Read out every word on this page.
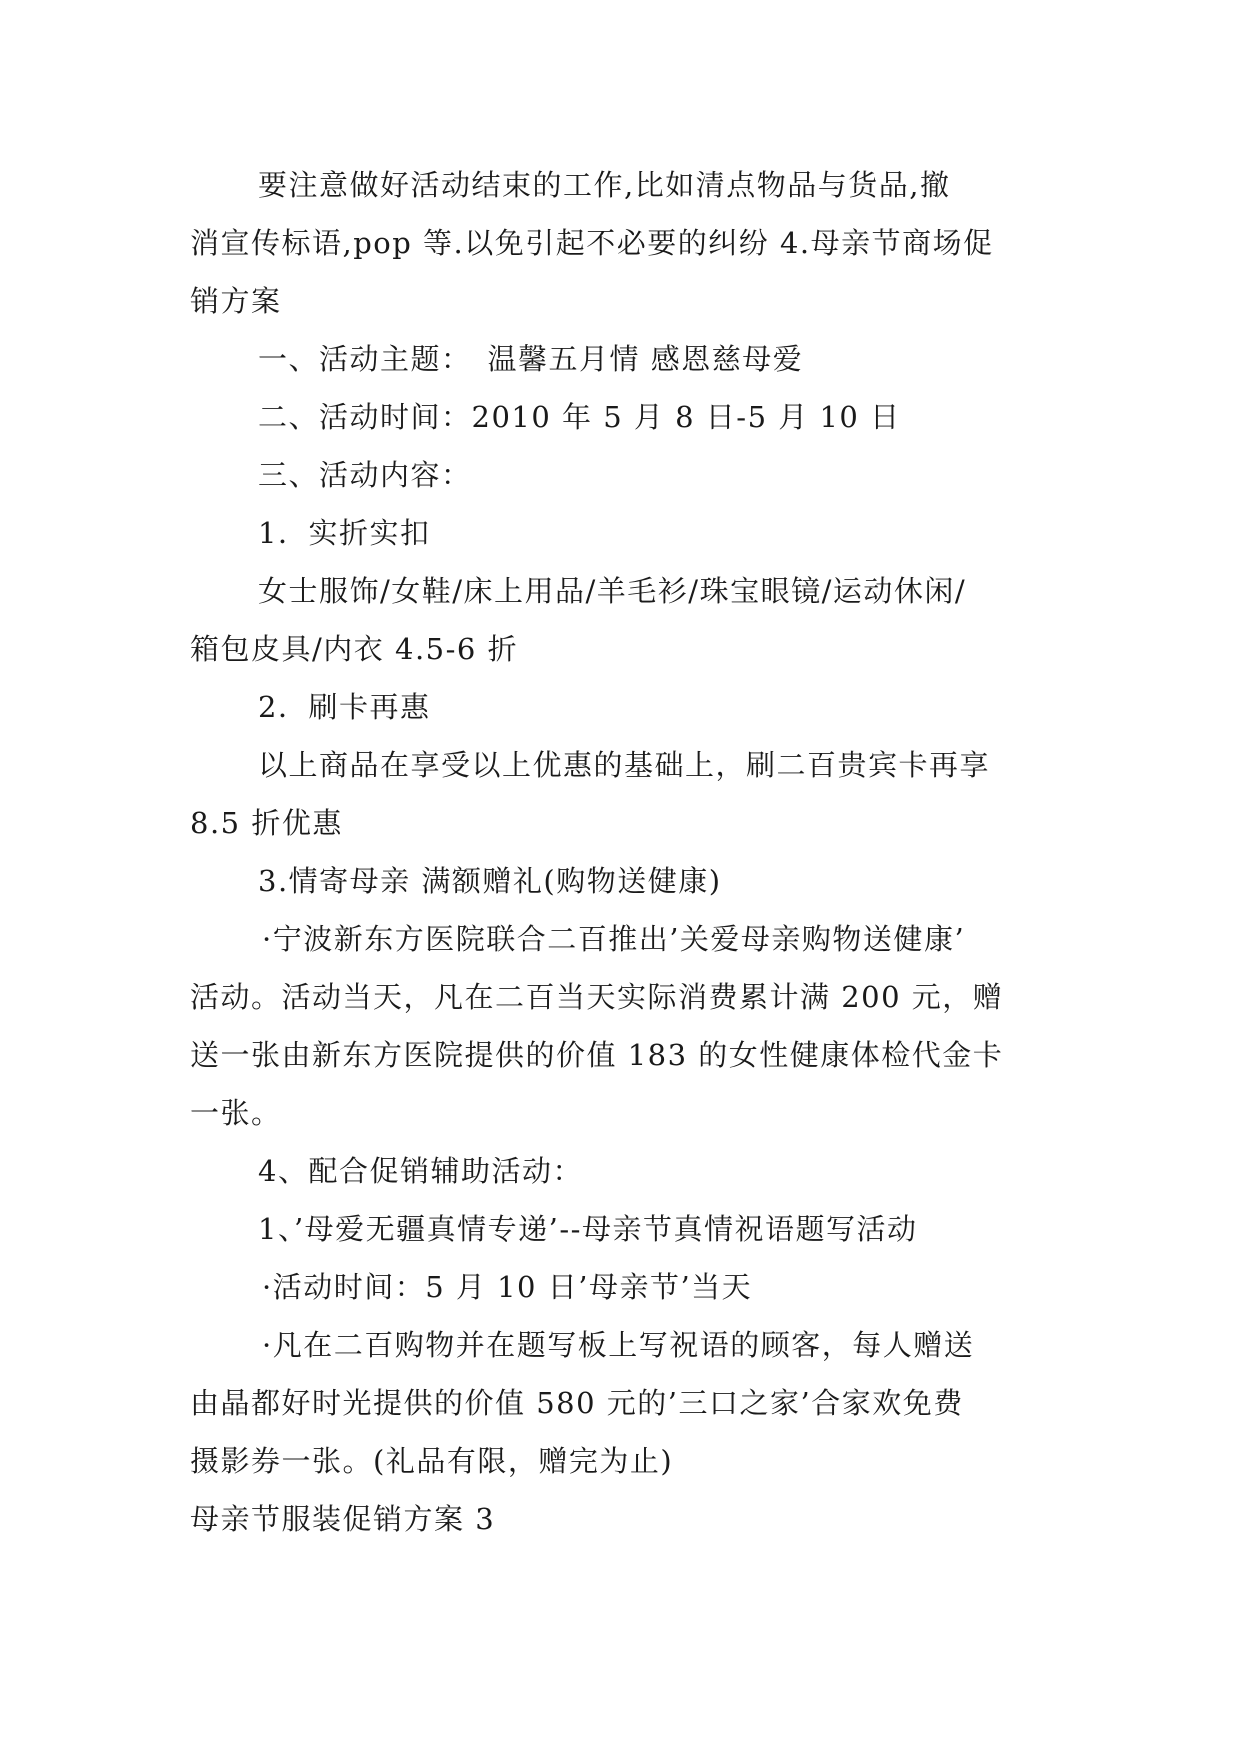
要注意做好活动结束的工作,比如清点物品与货品,撤
消宣传标语,pop 等.以免引起不必要的纠纷 4.母亲节商场促
销方案
一、活动主题：　温馨五月情 感恩慈母爱
二、活动时间：2010 年 5 月 8 日-5 月 10 日
三、活动内容：
1．实折实扣
女士服饰/女鞋/床上用品/羊毛衫/珠宝眼镜/运动休闲/
箱包皮具/内衣 4.5-6 折
2．刷卡再惠
以上商品在享受以上优惠的基础上，刷二百贵宾卡再享
8.5 折优惠
3.情寄母亲 满额赠礼(购物送健康)
·宁波新东方医院联合二百推出’关爱母亲购物送健康’
活动。活动当天，凡在二百当天实际消费累计满 200 元，赠
送一张由新东方医院提供的价值 183 的女性健康体检代金卡
一张。
4、配合促销辅助活动：
1、’母爱无疆真情专递’--母亲节真情祝语题写活动
·活动时间：5 月 10 日’母亲节’当天
·凡在二百购物并在题写板上写祝语的顾客，每人赠送
由晶都好时光提供的价值 580 元的’三口之家’合家欢免费
摄影券一张。(礼品有限，赠完为止)
母亲节服装促销方案 3
